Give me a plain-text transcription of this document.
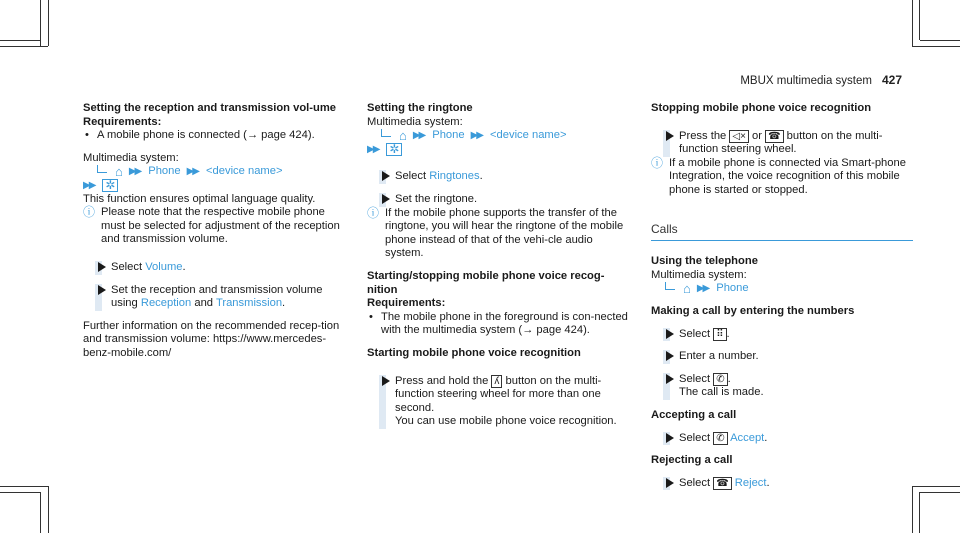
MBUX multimedia system 427
Setting the reception and transmission vol-ume
Requirements:
• A mobile phone is connected (→ page 424).
Multimedia system:
⌂ ▶▶ Phone ▶▶ <device name>
▶▶ ✲
This function ensures optimal language quality.
ⓘ Please note that the respective mobile phone must be selected for adjustment of the reception and transmission volume.
Select Volume.
Set the reception and transmission volume using Reception and Transmission.
Further information on the recommended recep-tion and transmission volume: https://www.mercedes-benz-mobile.com/
Setting the ringtone
Multimedia system:
⌂ ▶▶ Phone ▶▶ <device name>
▶▶ ✲
Select Ringtones.
Set the ringtone.
ⓘ If the mobile phone supports the transfer of the ringtone, you will hear the ringtone of the mobile phone instead of that of the vehi-cle audio system.
Starting/stopping mobile phone voice recog-nition
Requirements:
• The mobile phone in the foreground is con-nected with the multimedia system (→ page 424).
Starting mobile phone voice recognition
Press and hold the ʎ button on the multi-function steering wheel for more than one second.
You can use mobile phone voice recognition.
Stopping mobile phone voice recognition
Press the ◁× or ☎ button on the multi-function steering wheel.
ⓘ If a mobile phone is connected via Smart-phone Integration, the voice recognition of this mobile phone is started or stopped.
Calls
Using the telephone
Multimedia system:
⌂ ▶▶ Phone
Making a call by entering the numbers
Select ⠿ .
Enter a number.
Select ✆ .
The call is made.
Accepting a call
Select ✆ Accept.
Rejecting a call
Select ☎ Reject.
